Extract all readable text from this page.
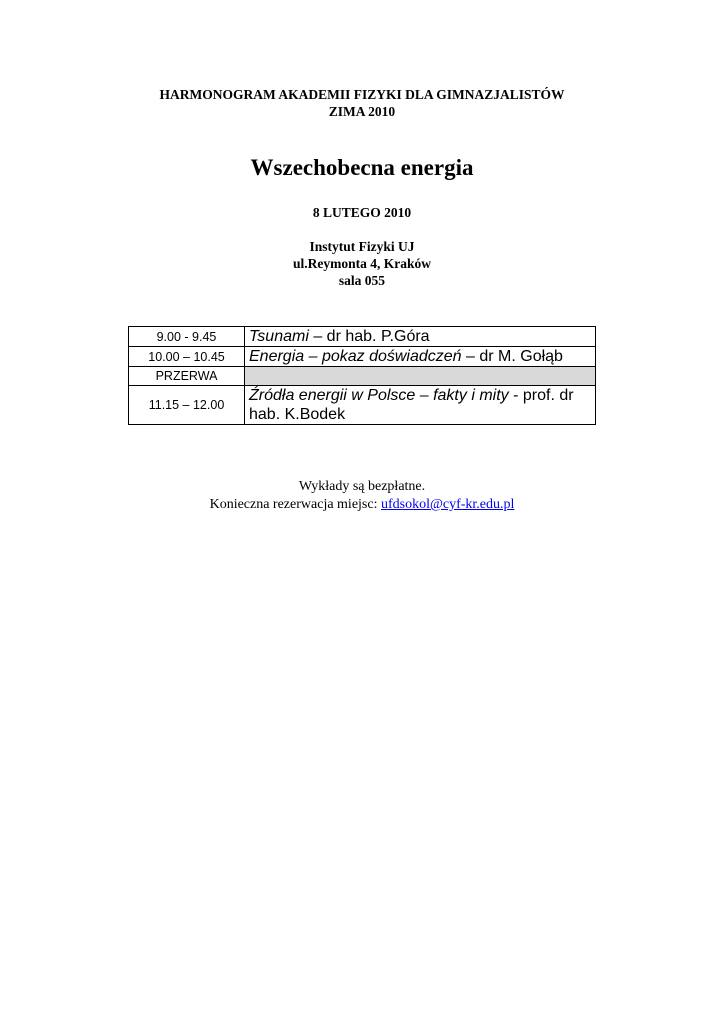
HARMONOGRAM AKADEMII FIZYKI DLA GIMNAZJALISTÓW
ZIMA 2010
Wszechobecna energia
8 LUTEGO 2010
Instytut Fizyki UJ
ul.Reymonta 4, Kraków
sala 055
9.00 - 9.45	Tsunami – dr hab. P.Góra
10.00 – 10.45	Energia – pokaz doświadczeń – dr M. Gołąb
PRZERWA	
11.15 – 12.00	Źródła energii w Polsce – fakty i mity - prof. dr hab. K.Bodek
Wykłady są bezpłatne.
Konieczna rezerwacja miejsc: ufdsokol@cyf-kr.edu.pl
